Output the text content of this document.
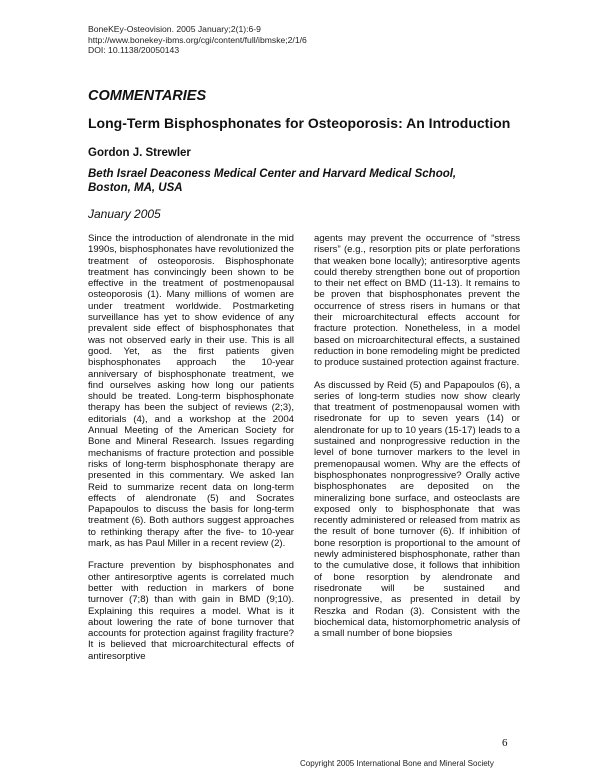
BoneKEy-Osteovision. 2005 January;2(1):6-9
http://www.bonekey-ibms.org/cgi/content/full/ibmske;2/1/6
DOI: 10.1138/20050143
COMMENTARIES
Long-Term Bisphosphonates for Osteoporosis: An Introduction
Gordon J. Strewler
Beth Israel Deaconess Medical Center and Harvard Medical School, Boston, MA, USA
January 2005

Since the introduction of alendronate in the mid 1990s, bisphosphonates have revolutionized the treatment of osteoporosis. Bisphosphonate treatment has convincingly been shown to be effective in the treatment of postmenopausal osteoporosis (1). Many millions of women are under treatment worldwide. Postmarketing surveillance has yet to show evidence of any prevalent side effect of bisphosphonates that was not observed early in their use. This is all good. Yet, as the first patients given bisphosphonates approach the 10-year anniversary of bisphosphonate treatment, we find ourselves asking how long our patients should be treated. Long-term bisphosphonate therapy has been the subject of reviews (2;3), editorials (4), and a workshop at the 2004 Annual Meeting of the American Society for Bone and Mineral Research. Issues regarding mechanisms of fracture protection and possible risks of long-term bisphosphonate therapy are presented in this commentary. We asked Ian Reid to summarize recent data on long-term effects of alendronate (5) and Socrates Papapoulos to discuss the basis for long-term treatment (6). Both authors suggest approaches to rethinking therapy after the five- to 10-year mark, as has Paul Miller in a recent review (2).

Fracture prevention by bisphosphonates and other antiresorptive agents is correlated much better with reduction in markers of bone turnover (7;8) than with gain in BMD (9;10). Explaining this requires a model. What is it about lowering the rate of bone turnover that accounts for protection against fragility fracture? It is believed that microarchitectural effects of antiresorptive

agents may prevent the occurrence of “stress risers” (e.g., resorption pits or plate perforations that weaken bone locally); antiresorptive agents could thereby strengthen bone out of proportion to their net effect on BMD (11-13). It remains to be proven that bisphosphonates prevent the occurrence of stress risers in humans or that their microarchitectural effects account for fracture protection. Nonetheless, in a model based on microarchitectural effects, a sustained reduction in bone remodeling might be predicted to produce sustained protection against fracture.

As discussed by Reid (5) and Papapoulos (6), a series of long-term studies now show clearly that treatment of postmenopausal women with risedronate for up to seven years (14) or alendronate for up to 10 years (15-17) leads to a sustained and nonprogressive reduction in the level of bone turnover markers to the level in premenopausal women. Why are the effects of bisphosphonates nonprogressive? Orally active bisphosphonates are deposited on the mineralizing bone surface, and osteoclasts are exposed only to bisphosphonate that was recently administered or released from matrix as the result of bone turnover (6). If inhibition of bone resorption is proportional to the amount of newly administered bisphosphonate, rather than to the cumulative dose, it follows that inhibition of bone resorption by alendronate and risedronate will be sustained and nonprogressive, as presented in detail by Reszka and Rodan (3). Consistent with the biochemical data, histomorphometric analysis of a small number of bone biopsies

6
Copyright 2005 International Bone and Mineral Society
